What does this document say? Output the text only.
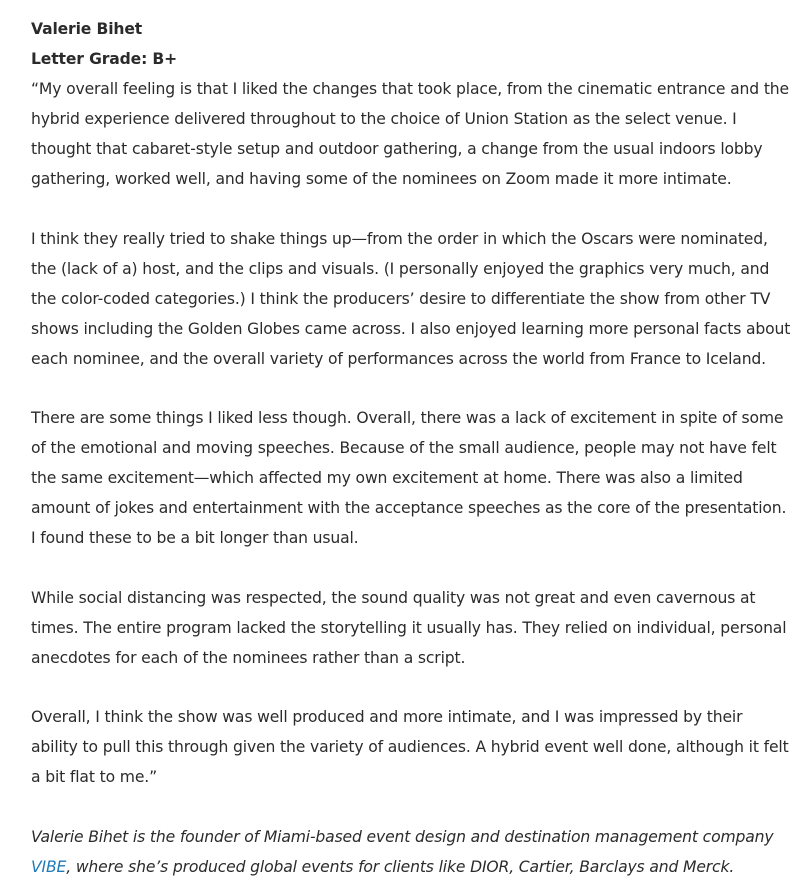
Valerie Bihet

Letter Grade: B+

“My overall feeling is that I liked the changes that took place, from the cinematic entrance and the hybrid experience delivered throughout to the choice of Union Station as the select venue. I thought that cabaret-style setup and outdoor gathering, a change from the usual indoors lobby gathering, worked well, and having some of the nominees on Zoom made it more intimate.

I think they really tried to shake things up—from the order in which the Oscars were nominated, the (lack of a) host, and the clips and visuals. (I personally enjoyed the graphics very much, and the color-coded categories.) I think the producers’ desire to differentiate the show from other TV shows including the Golden Globes came across. I also enjoyed learning more personal facts about each nominee, and the overall variety of performances across the world from France to Iceland.

There are some things I liked less though. Overall, there was a lack of excitement in spite of some of the emotional and moving speeches. Because of the small audience, people may not have felt the same excitement—which affected my own excitement at home. There was also a limited amount of jokes and entertainment with the acceptance speeches as the core of the presentation. I found these to be a bit longer than usual.

While social distancing was respected, the sound quality was not great and even cavernous at times. The entire program lacked the storytelling it usually has. They relied on individual, personal anecdotes for each of the nominees rather than a script.

Overall, I think the show was well produced and more intimate, and I was impressed by their ability to pull this through given the variety of audiences. A hybrid event well done, although it felt a bit flat to me.”

Valerie Bihet is the founder of Miami-based event design and destination management company VIBE, where she’s produced global events for clients like DIOR, Cartier, Barclays and Merck.
